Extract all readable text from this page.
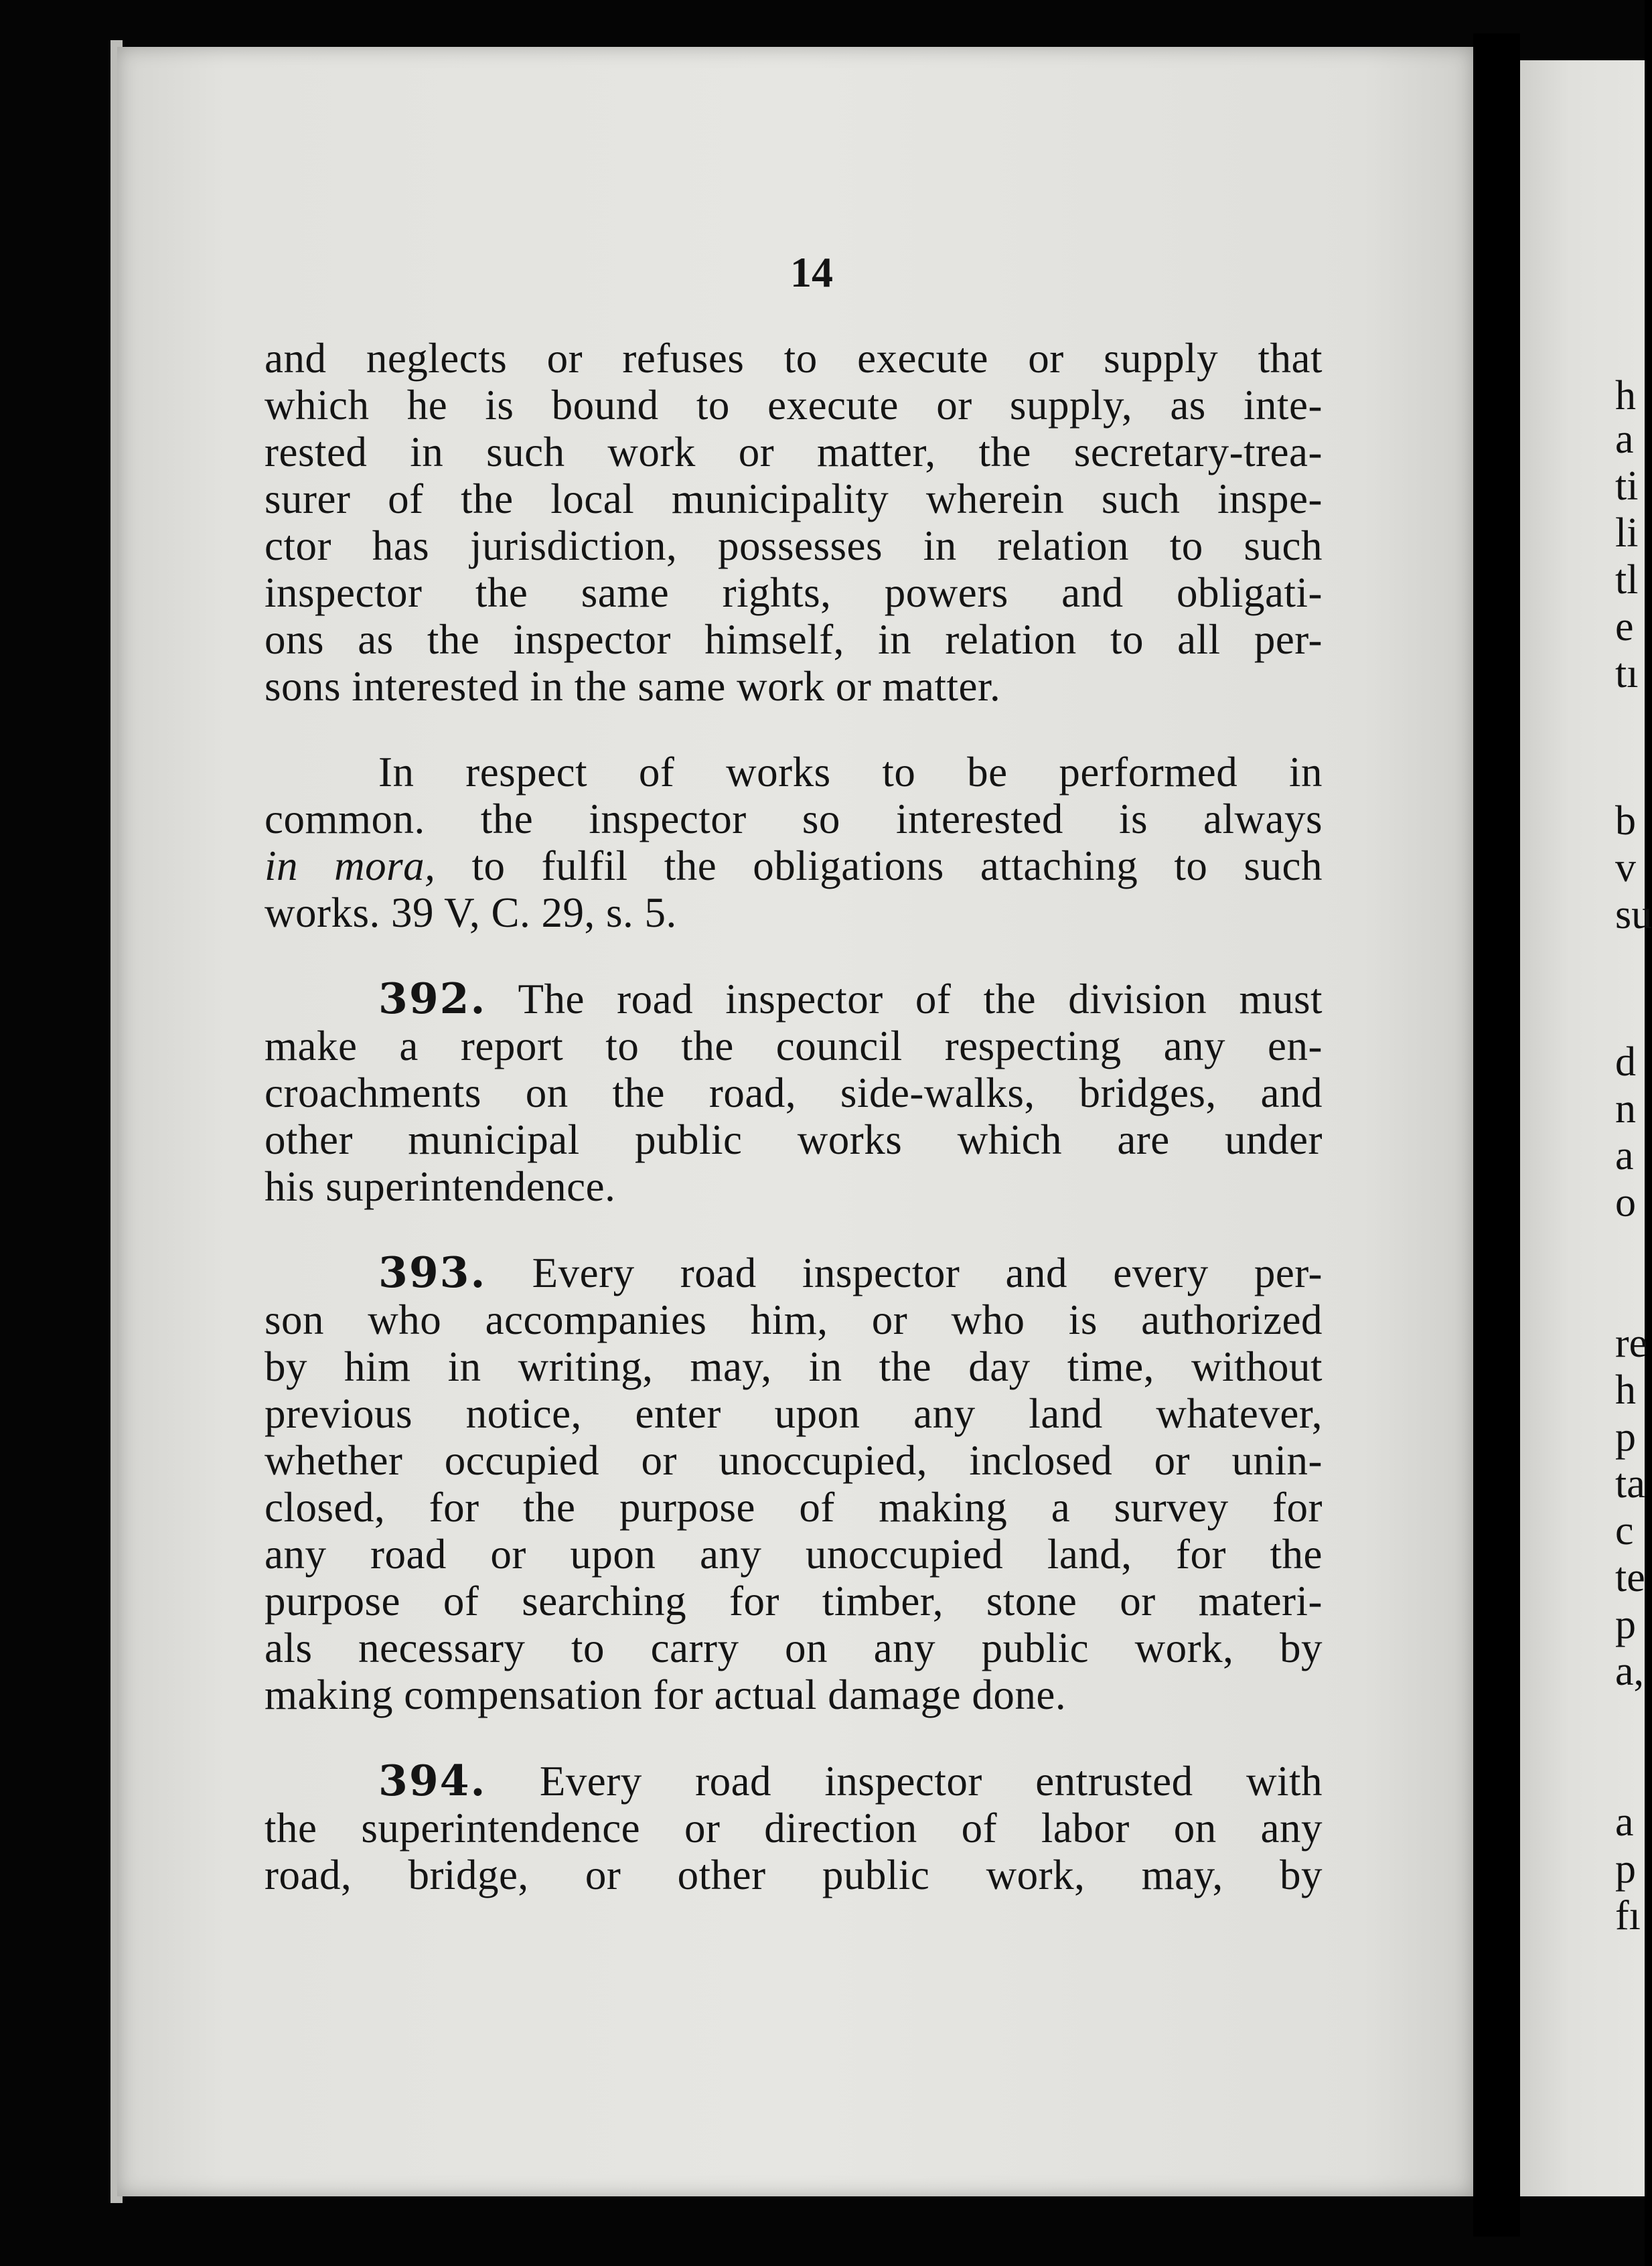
14
and neglects or refuses to execute or supply that
which he is bound to execute or supply, as inte-
rested in such work or matter, the secretary-trea-
surer of the local municipality wherein such inspe-
ctor has jurisdiction, possesses in relation to such
inspector the same rights, powers and obligati-
ons as the inspector himself, in relation to all per-
sons interested in the same work or matter.
In respect of works to be performed in
common. the inspector so interested is always
in mora, to fulfil the obligations attaching to such
works. 39 V, C. 29, s. 5.
392. The road inspector of the division must
make a report to the council respecting any en-
croachments on the road, side-walks, bridges, and
other municipal public works which are under
his superintendence.
393. Every road inspector and every per-
son who accompanies him, or who is authorized
by him in writing, may, in the day time, without
previous notice, enter upon any land whatever,
whether occupied or unoccupied, inclosed or unin-
closed, for the purpose of making a survey for
any road or upon any unoccupied land, for the
purpose of searching for timber, stone or materi-
als necessary to carry on any public work, by
making compensation for actual damage done.
394. Every road inspector entrusted with
the superintendence or direction of labor on any
road, bridge, or other public work, may, by
h
a
ti
li
tl
e
tı
b
v
su
d
n
a
o
re
h
p
ta
c
te
p
a,
a
p
fı
